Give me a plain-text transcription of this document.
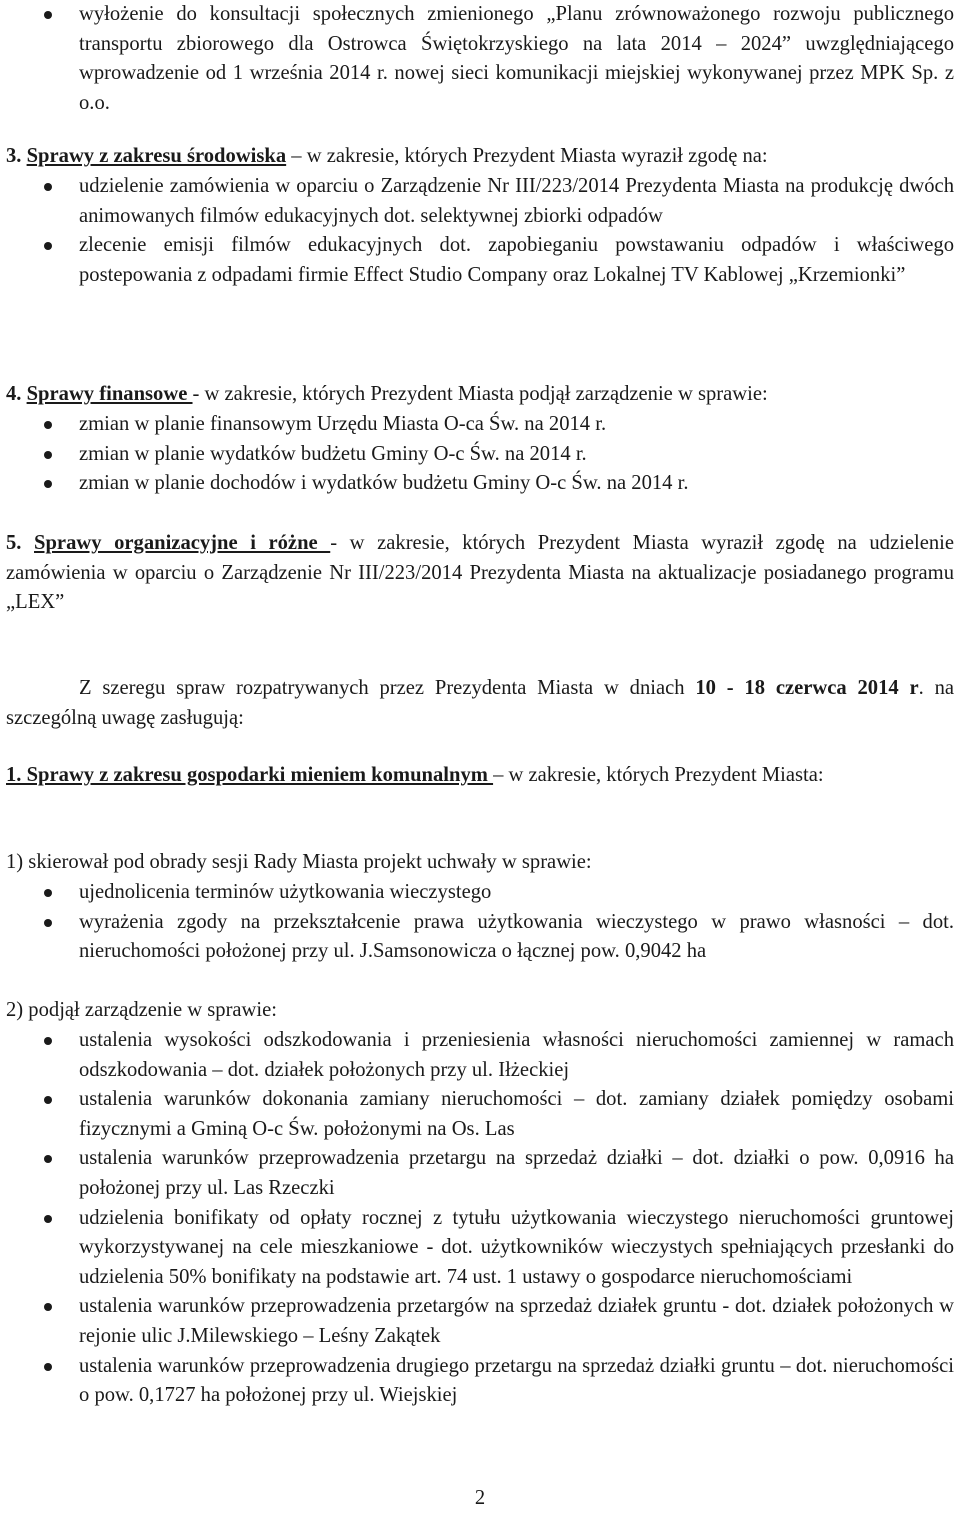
wyłożenie do konsultacji społecznych zmienionego „Planu zrównoważonego rozwoju publicznego transportu zbiorowego dla Ostrowca Świętokrzyskiego na lata 2014 – 2024” uwzględniającego wprowadzenie od 1 września 2014 r. nowej sieci komunikacji miejskiej wykonywanej przez MPK Sp. z o.o.

3. Sprawy z zakresu środowiska – w zakresie, których Prezydent Miasta wyraził zgodę na:

udzielenie zamówienia w oparciu o Zarządzenie Nr III/223/2014 Prezydenta Miasta na produkcję dwóch animowanych filmów edukacyjnych dot. selektywnej zbiorki odpadów
zlecenie emisji filmów edukacyjnych dot. zapobieganiu powstawaniu odpadów i właściwego postepowania z odpadami firmie Effect Studio Company oraz Lokalnej TV Kablowej „Krzemionki”

4. Sprawy finansowe - w zakresie, których Prezydent Miasta podjął zarządzenie w sprawie:

zmian w planie finansowym Urzędu Miasta O-ca Św. na 2014 r.
zmian w planie wydatków budżetu Gminy O-c Św. na 2014 r.
zmian w planie dochodów i wydatków budżetu Gminy O-c Św. na 2014 r.

5. Sprawy organizacyjne i różne - w zakresie, których Prezydent Miasta wyraził zgodę na udzielenie zamówienia w oparciu o Zarządzenie Nr III/223/2014 Prezydenta Miasta na aktualizacje posiadanego programu „LEX”

Z szeregu spraw rozpatrywanych przez Prezydenta Miasta w dniach 10 - 18 czerwca 2014 r. na szczególną uwagę zasługują:

1. Sprawy z zakresu gospodarki mieniem komunalnym – w zakresie, których Prezydent Miasta:

1) skierował pod obrady sesji Rady Miasta projekt uchwały w sprawie:

ujednolicenia terminów użytkowania wieczystego
wyrażenia zgody na przekształcenie prawa użytkowania wieczystego w prawo własności – dot. nieruchomości położonej przy ul. J.Samsonowicza o łącznej pow. 0,9042 ha

2) podjął zarządzenie w sprawie:

ustalenia wysokości odszkodowania i przeniesienia własności nieruchomości zamiennej w ramach odszkodowania – dot. działek położonych przy ul. Iłżeckiej
ustalenia warunków dokonania zamiany nieruchomości – dot. zamiany działek pomiędzy osobami fizycznymi a Gminą O-c Św. położonymi na Os. Las
ustalenia warunków przeprowadzenia przetargu na sprzedaż działki – dot. działki o pow. 0,0916 ha położonej przy ul. Las Rzeczki
udzielenia bonifikaty od opłaty rocznej z tytułu użytkowania wieczystego nieruchomości gruntowej wykorzystywanej na cele mieszkaniowe - dot. użytkowników wieczystych spełniających przesłanki do udzielenia 50% bonifikaty na podstawie art. 74 ust. 1 ustawy o gospodarce nieruchomościami
ustalenia warunków przeprowadzenia przetargów na sprzedaż działek gruntu - dot. działek położonych w rejonie ulic J.Milewskiego – Leśny Zakątek
ustalenia warunków przeprowadzenia drugiego przetargu na sprzedaż działki gruntu – dot. nieruchomości o pow. 0,1727 ha położonej przy ul. Wiejskiej
2
